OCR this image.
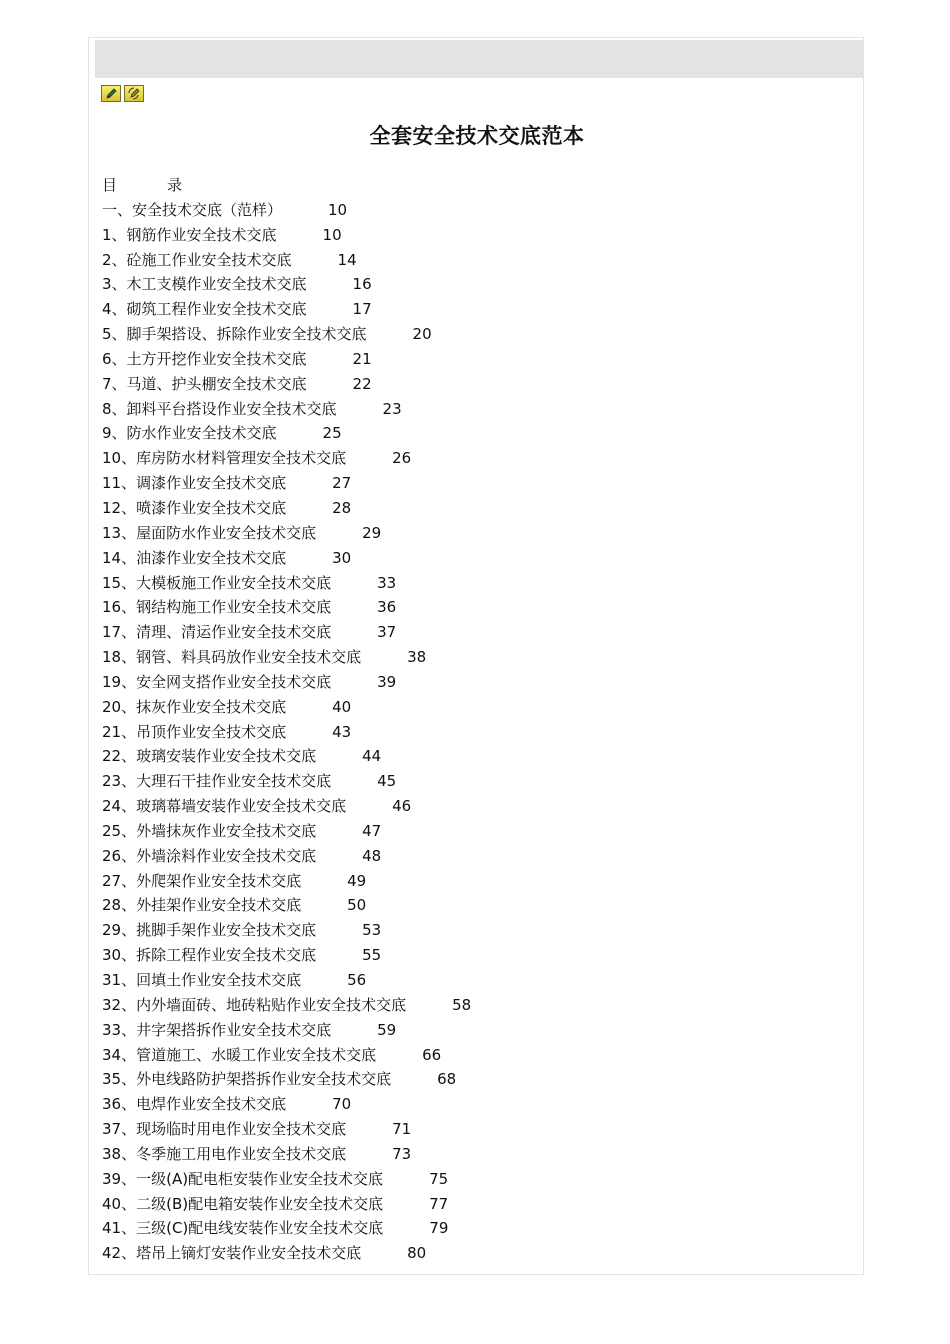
全套安全技术交底范本
目	录
一、安全技术交底（范样）	10
1、钢筋作业安全技术交底	10
2、砼施工作业安全技术交底	14
3、木工支模作业安全技术交底	16
4、砌筑工程作业安全技术交底	17
5、脚手架搭设、拆除作业安全技术交底	20
6、土方开挖作业安全技术交底	21
7、马道、护头棚安全技术交底	22
8、卸料平台搭设作业安全技术交底	23
9、防水作业安全技术交底	25
10、库房防水材料管理安全技术交底	26
11、调漆作业安全技术交底	27
12、喷漆作业安全技术交底	28
13、屋面防水作业安全技术交底	29
14、油漆作业安全技术交底	30
15、大模板施工作业安全技术交底	33
16、钢结构施工作业安全技术交底	36
17、清理、清运作业安全技术交底	37
18、钢管、料具码放作业安全技术交底	38
19、安全网支搭作业安全技术交底	39
20、抹灰作业安全技术交底	40
21、吊顶作业安全技术交底	43
22、玻璃安装作业安全技术交底	44
23、大理石干挂作业安全技术交底	45
24、玻璃幕墙安装作业安全技术交底	46
25、外墙抹灰作业安全技术交底	47
26、外墙涂料作业安全技术交底	48
27、外爬架作业安全技术交底	49
28、外挂架作业安全技术交底	50
29、挑脚手架作业安全技术交底	53
30、拆除工程作业安全技术交底	55
31、回填土作业安全技术交底	56
32、内外墙面砖、地砖粘贴作业安全技术交底	58
33、井字架搭拆作业安全技术交底	59
34、管道施工、水暖工作业安全技术交底	66
35、外电线路防护架搭拆作业安全技术交底	68
36、电焊作业安全技术交底	70
37、现场临时用电作业安全技术交底	71
38、冬季施工用电作业安全技术交底	73
39、一级(A)配电柜安装作业安全技术交底	75
40、二级(B)配电箱安装作业安全技术交底	77
41、三级(C)配电线安装作业安全技术交底	79
42、塔吊上镝灯安装作业安全技术交底	80
